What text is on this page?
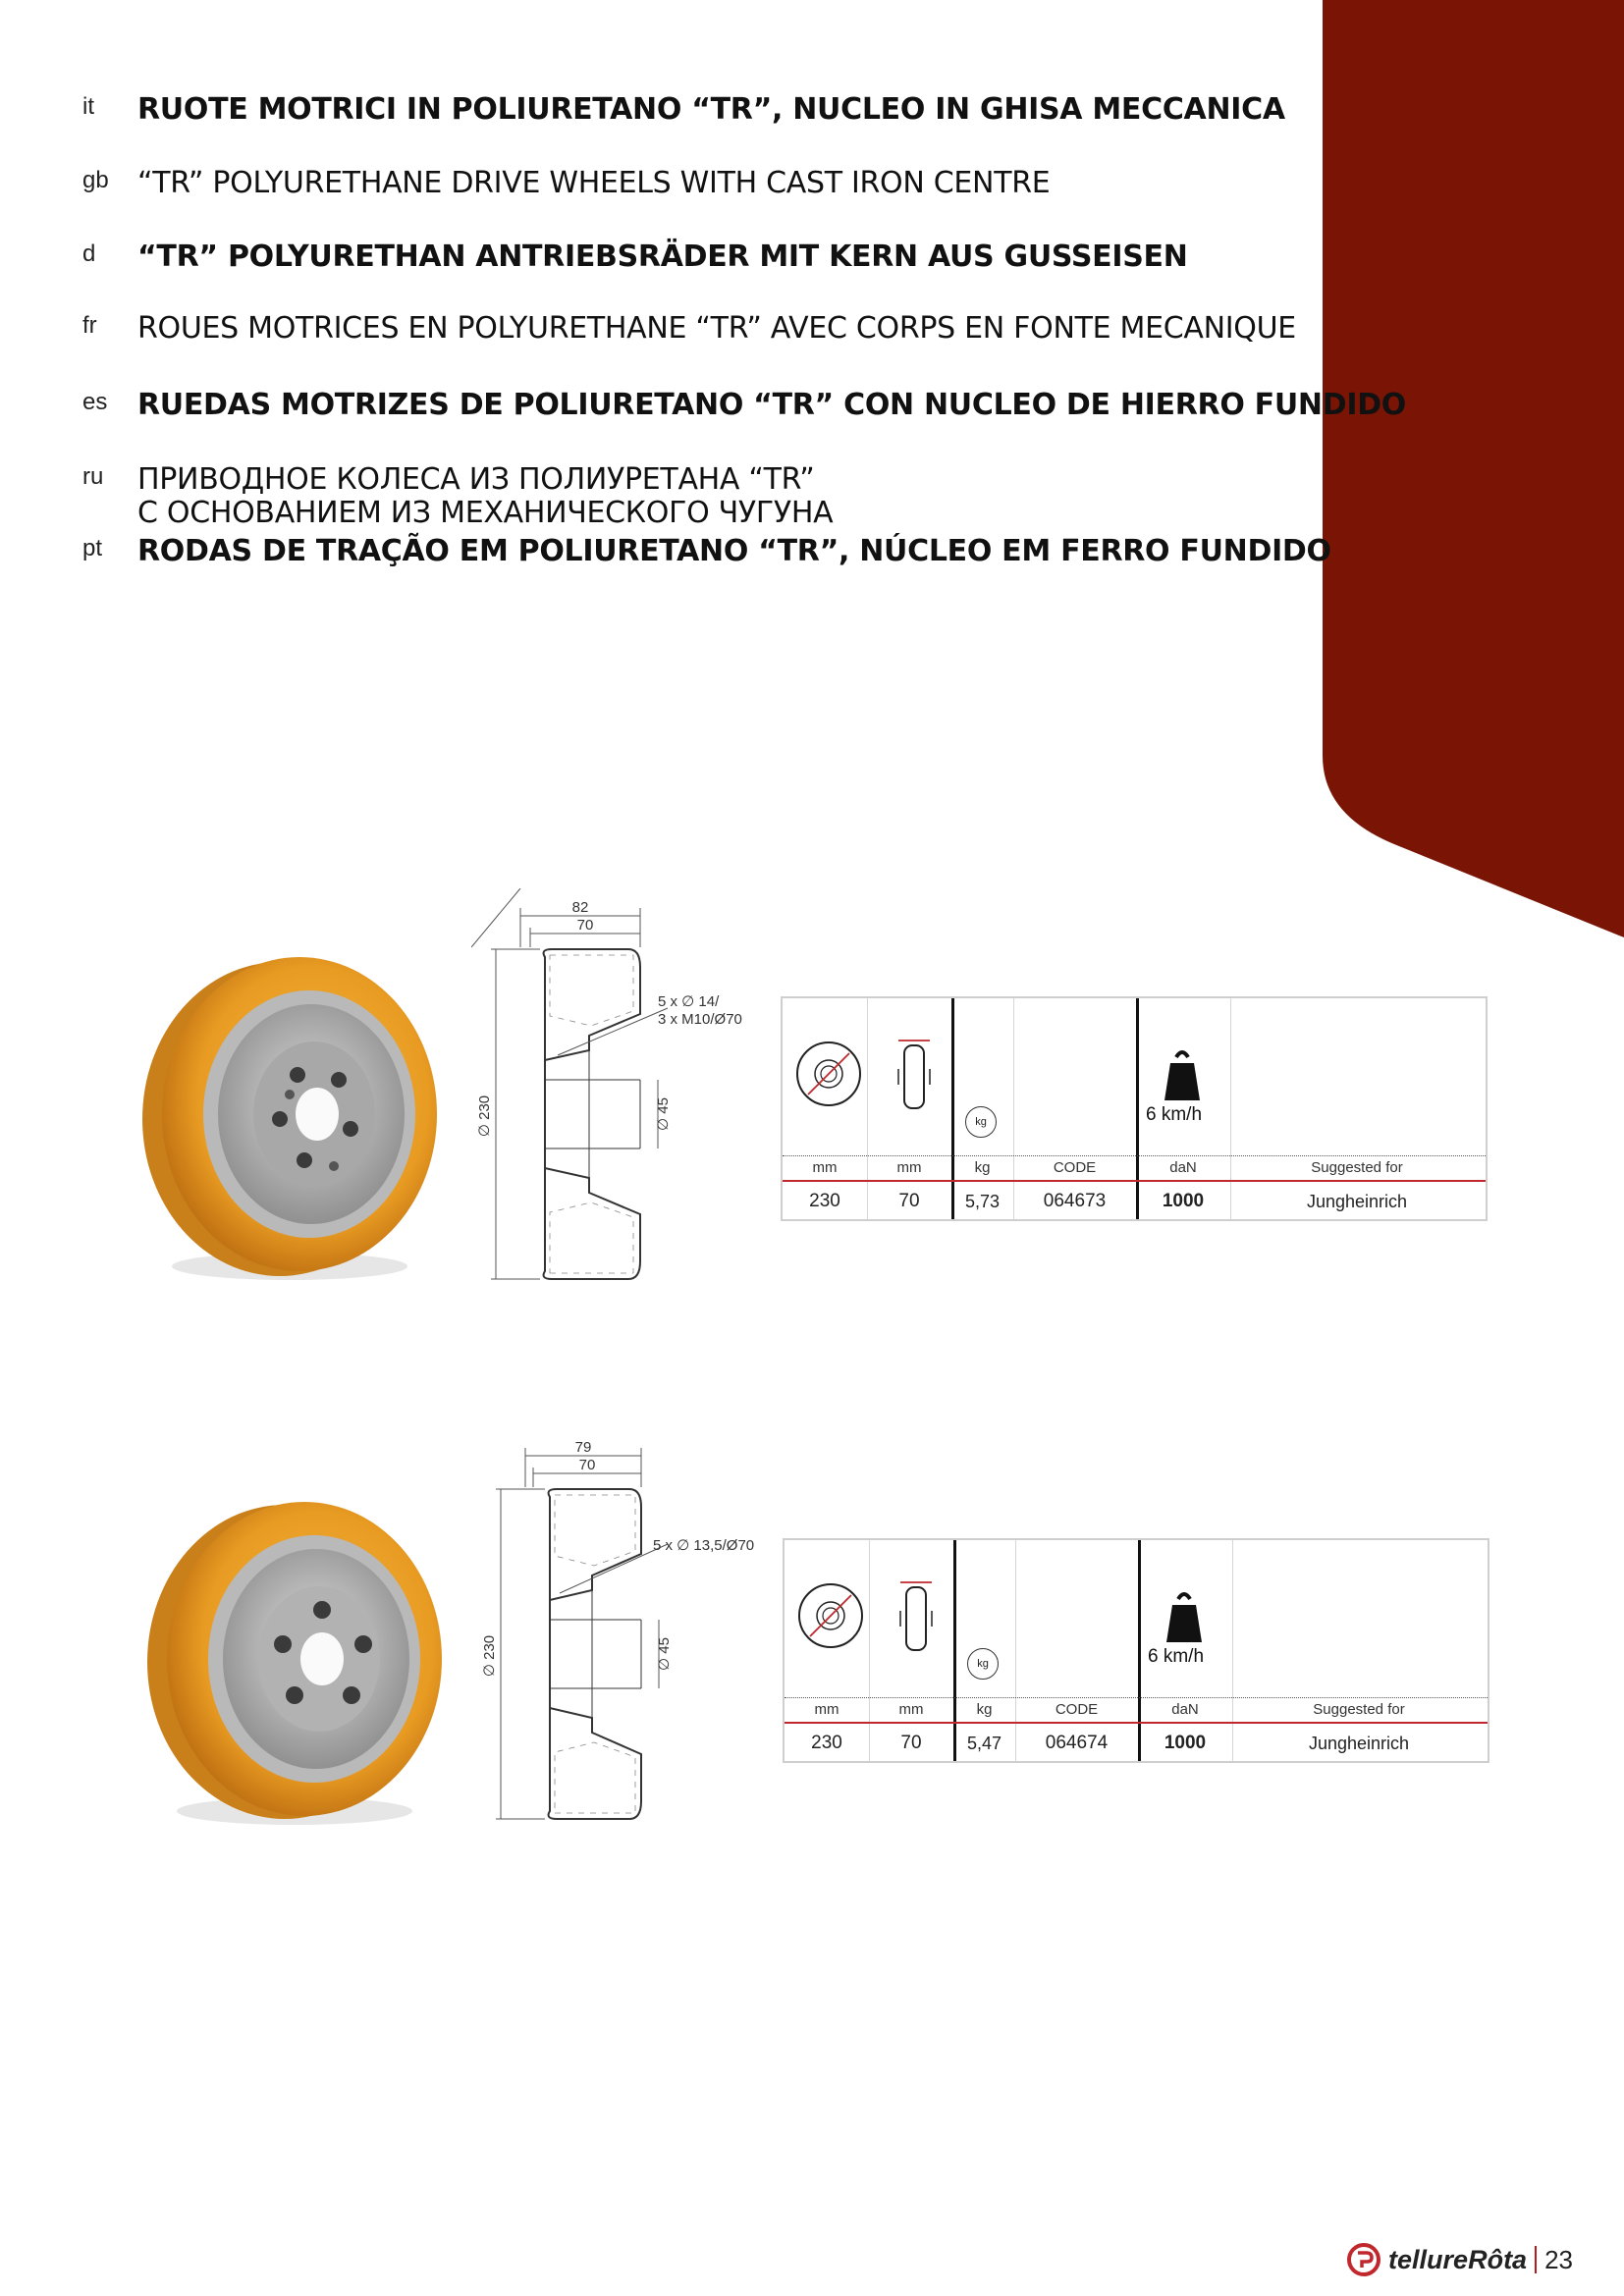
it	RUOTE MOTRICI IN POLIURETANO “TR”, NUCLEO IN GHISA MECCANICA
gb “TR” POLYURETHANE DRIVE WHEELS WITH CAST IRON CENTRE
d	“TR” POLYURETHAN ANTRIEBSRÄDER MIT KERN AUS GUSSEISEN
fr	ROUES MOTRICES EN POLYURETHANE “TR” AVEC CORPS EN FONTE MECANIQUE
es	RUEDAS MOTRIZES DE POLIURETANO “TR” CON NUCLEO DE HIERRO FUNDIDO
ru	ПРИВОДНОЕ КОЛЕСА ИЗ ПОЛИУРЕТАНА “TR”
С ОСНОВАНИЕМ ИЗ МЕХАНИЧЕСКОГО ЧУГУНА
pt	RODAS DE TRAÇÃO EM POLIURETANO “TR”, NÚCLEO EM FERRO FUNDIDO
82
70
∅ 230	∅ 45
5 x ∅ 14/
3 x M10/Ø70
kg	6 km/h
mm	mm	kg	CODE	daN	Suggested for
230	70	5,73	064673	1000	Jungheinrich
79
70
∅ 230	∅ 45
5 x ∅ 13,5/Ø70
kg	6 km/h
mm	mm	kg	CODE	daN	Suggested for
230	70	5,47	064674	1000	Jungheinrich
tellureRôta 23
